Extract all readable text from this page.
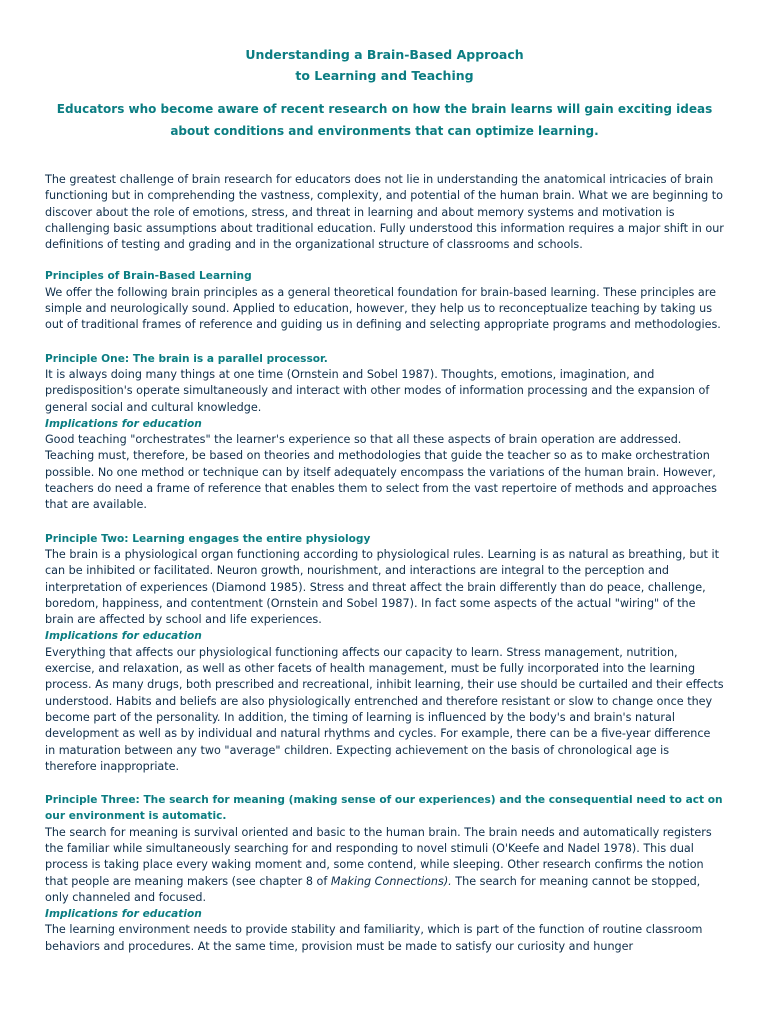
Understanding a Brain-Based Approach
to Learning and Teaching

Educators who become aware of recent research on how the brain learns will gain exciting ideas about conditions and environments that can optimize learning.

The greatest challenge of brain research for educators does not lie in understanding the anatomical intricacies of brain functioning but in comprehending the vastness, complexity, and potential of the human brain. What we are beginning to discover about the role of emotions, stress, and threat in learning and about memory systems and motivation is challenging basic assumptions about traditional education. Fully understood this information requires a major shift in our definitions of testing and grading and in the organizational structure of classrooms and schools.

Principles of Brain-Based Learning

We offer the following brain principles as a general theoretical foundation for brain-based learning. These principles are simple and neurologically sound. Applied to education, however, they help us to reconceptualize teaching by taking us out of traditional frames of reference and guiding us in defining and selecting appropriate programs and methodologies.

Principle One: The brain is a parallel processor.

It is always doing many things at one time (Ornstein and Sobel 1987). Thoughts, emotions, imagination, and predisposition's operate simultaneously and interact with other modes of information processing and the expansion of general social and cultural knowledge.

Implications for education

Good teaching "orchestrates" the learner's experience so that all these aspects of brain operation are addressed. Teaching must, therefore, be based on theories and methodologies that guide the teacher so as to make orchestration possible. No one method or technique can by itself adequately encompass the variations of the human brain. However, teachers do need a frame of reference that enables them to select from the vast repertoire of methods and approaches that are available.

Principle Two: Learning engages the entire physiology

The brain is a physiological organ functioning according to physiological rules. Learning is as natural as breathing, but it can be inhibited or facilitated. Neuron growth, nourishment, and interactions are integral to the perception and interpretation of experiences (Diamond 1985). Stress and threat affect the brain differently than do peace, challenge, boredom, happiness, and contentment (Ornstein and Sobel 1987). In fact some aspects of the actual "wiring" of the brain are affected by school and life experiences.

Implications for education

Everything that affects our physiological functioning affects our capacity to learn. Stress management, nutrition, exercise, and relaxation, as well as other facets of health management, must be fully incorporated into the learning process. As many drugs, both prescribed and recreational, inhibit learning, their use should be curtailed and their effects understood. Habits and beliefs are also physiologically entrenched and therefore resistant or slow to change once they become part of the personality. In addition, the timing of learning is influenced by the body's and brain's natural development as well as by individual and natural rhythms and cycles. For example, there can be a five-year difference in maturation between any two "average" children. Expecting achievement on the basis of chronological age is therefore inappropriate.

Principle Three: The search for meaning (making sense of our experiences) and the consequential need to act on our environment is automatic.

The search for meaning is survival oriented and basic to the human brain. The brain needs and automatically registers the familiar while simultaneously searching for and responding to novel stimuli (O'Keefe and Nadel 1978). This dual process is taking place every waking moment and, some contend, while sleeping. Other research confirms the notion that people are meaning makers (see chapter 8 of Making Connections). The search for meaning cannot be stopped, only channeled and focused.

Implications for education

The learning environment needs to provide stability and familiarity, which is part of the function of routine classroom behaviors and procedures. At the same time, provision must be made to satisfy our curiosity and hunger
